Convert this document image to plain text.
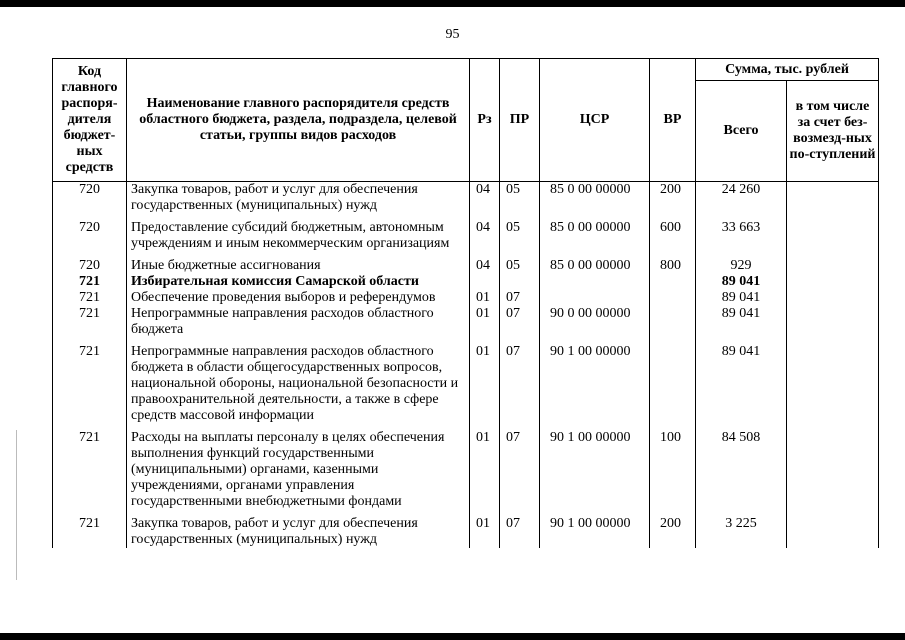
95
Код главного распоря-дителя бюджет-ных средств	Наименование главного распорядителя средств областного бюджета, раздела, подраздела, целевой статьи, группы видов расходов	Рз	ПР	ЦСР	ВР	Сумма, тыс. рублей	
						Всего	в том числе за счет без-возмезд-ных по-ступлений
720	Закупка товаров, работ и услуг для обеспечения государственных (муниципальных) нужд	04	05	85 0 00 00000	200	24 260	

720	Предоставление субсидий бюджетным, автономным учреждениям и иным некоммерческим организациям	04	05	85 0 00 00000	600	33 663	

720	Иные бюджетные ассигнования	04	05	85 0 00 00000	800	929	
721	Избирательная комиссия Самарской области					89 041	
721	Обеспечение проведения выборов и референдумов	01	07			89 041	
721	Непрограммные направления расходов областного бюджета	01	07	90 0 00 00000		89 041	

721	Непрограммные направления расходов областного бюджета в области общегосударственных вопросов, национальной обороны, национальной безопасности и правоохранительной деятельности, а также в сфере средств массовой информации	01	07	90 1 00 00000		89 041	

721	Расходы на выплаты персоналу в целях обеспечения выполнения функций государственными (муниципальными) органами, казенными учреждениями, органами управления государственными внебюджетными фондами	01	07	90 1 00 00000	100	84 508	

721	Закупка товаров, работ и услуг для обеспечения государственных (муниципальных) нужд	01	07	90 1 00 00000	200	3 225	
